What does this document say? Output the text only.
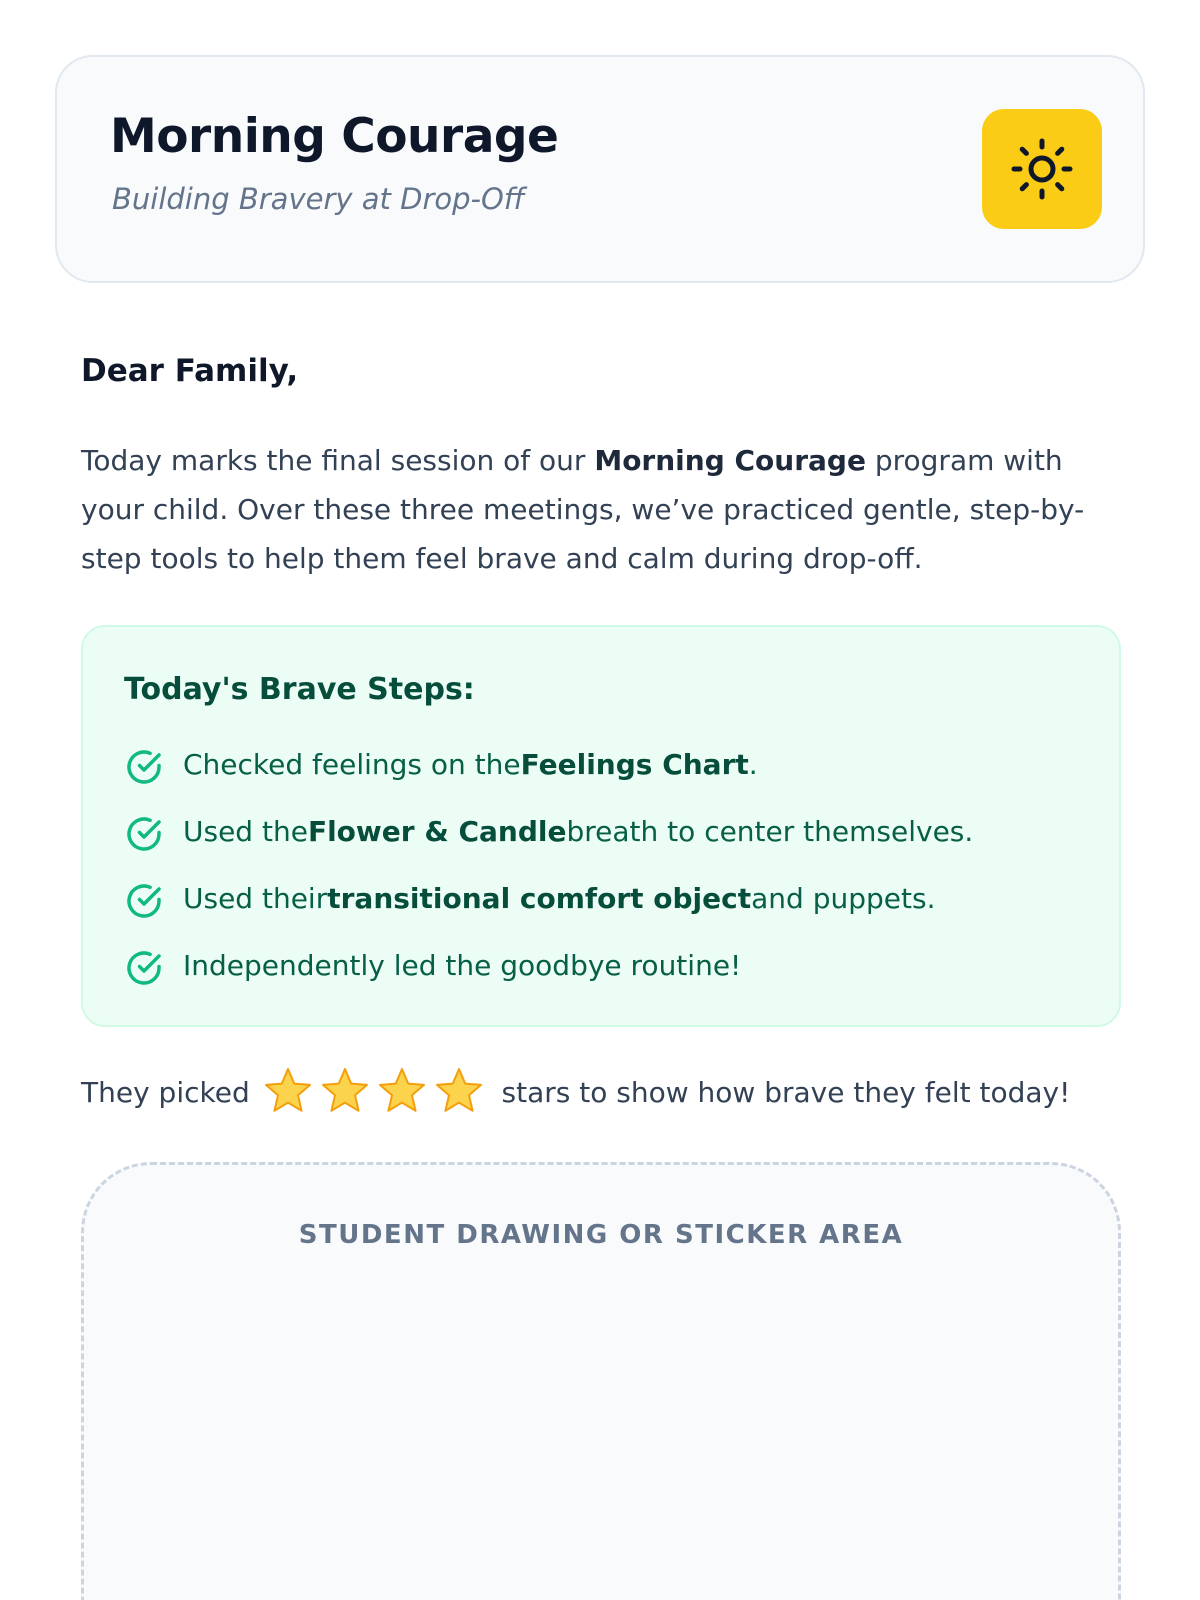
Morning Courage

Building Bravery at Drop-Off

Dear Family,

Today marks the final session of our Morning Courage program with your child. Over these three meetings, we’ve practiced gentle, step-by-step tools to help them feel brave and calm during drop-off.

Today's Brave Steps:
Checked feelings on theFeelings Chart.
Used theFlower & Candlebreath to center themselves.
Used theirtransitional comfort objectand puppets.
Independently led the goodbye routine!
They picked	stars to show how brave they felt today!
STUDENT DRAWING OR STICKER AREA
